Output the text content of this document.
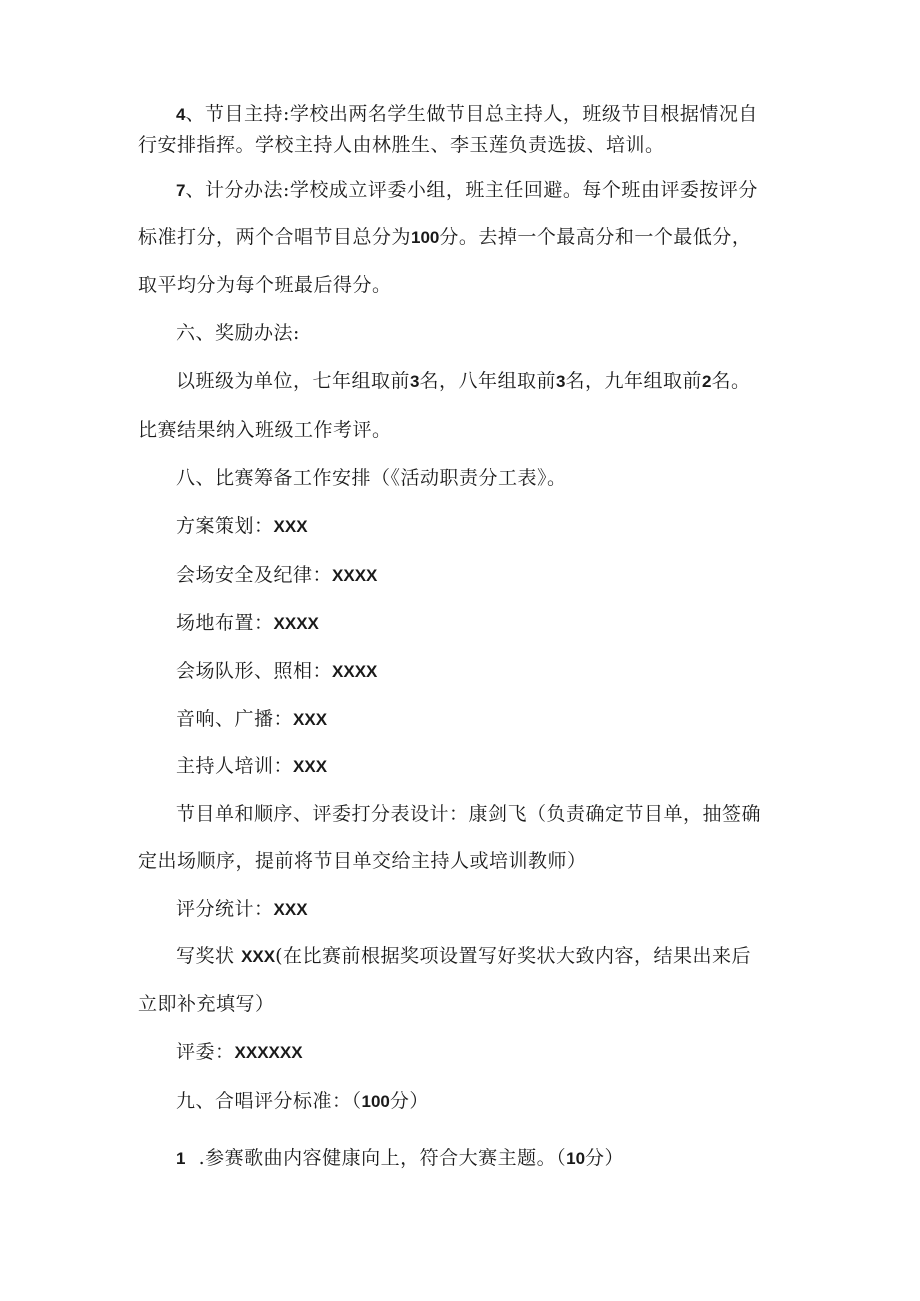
4、节目主持:学校出两名学生做节目总主持人，班级节目根据情况自
行安排指挥。学校主持人由林胜生、李玉莲负责选拔、培训。
7、计分办法:学校成立评委小组，班主任回避。每个班由评委按评分
标准打分，两个合唱节目总分为100分。去掉一个最高分和一个最低分，
取平均分为每个班最后得分。
六、奖励办法:
以班级为单位，七年组取前3名，八年组取前3名，九年组取前2名。
比赛结果纳入班级工作考评。
八、比赛筹备工作安排（《活动职责分工表》。
方案策划：XXX
会场安全及纪律：XXXX
场地布置：XXXX
会场队形、照相：XXXX
音响、广播：XXX
主持人培训：XXX
节目单和顺序、评委打分表设计：康剑飞（负责确定节目单，抽签确
定出场顺序，提前将节目单交给主持人或培训教师）
评分统计：XXX
写奖状 XXX(在比赛前根据奖项设置写好奖状大致内容，结果出来后
立即补充填写）
评委：XXXXXX
九、合唱评分标准：（100分）
1 .参赛歌曲内容健康向上，符合大赛主题。（10分）
